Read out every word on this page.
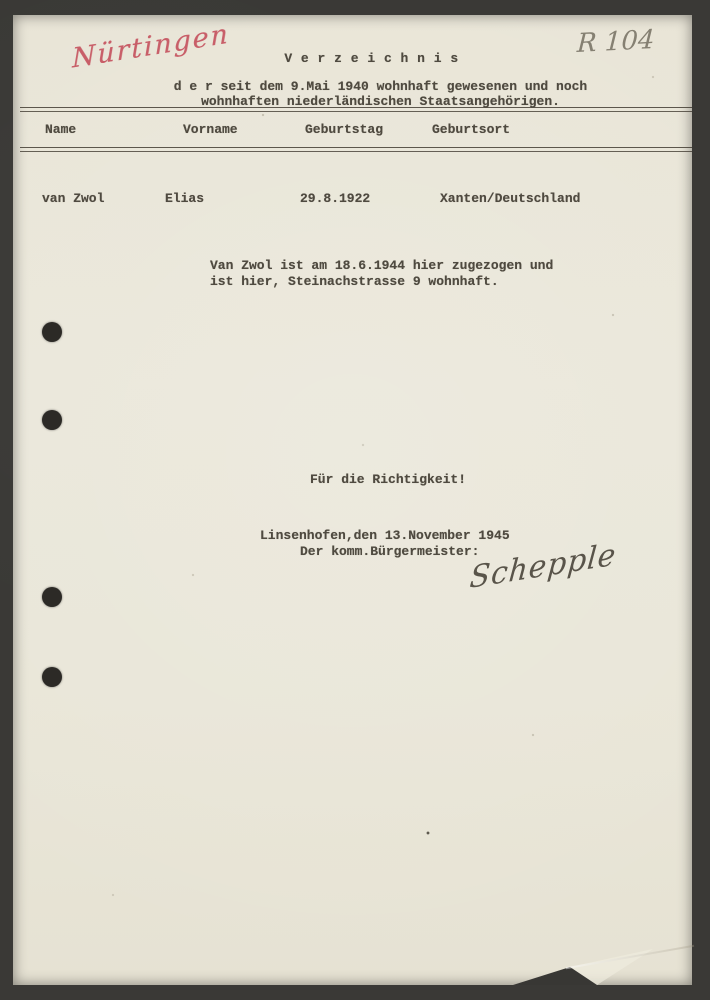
Nürtingen	R 104
V e r z e i c h n i s
d e r seit dem 9.Mai 1940 wohnhaft gewesenen und noch
wohnhaften niederländischen Staatsangehörigen.
Name	Vorname	Geburtstag	Geburtsort
van Zwol	Elias	29.8.1922	Xanten/Deutschland
Van Zwol ist am 18.6.1944 hier zugezogen und
ist hier, Steinachstrasse 9 wohnhaft.
Für die Richtigkeit!
Linsenhofen,den 13.November 1945
Der komm.Bürgermeister:
Schepple
